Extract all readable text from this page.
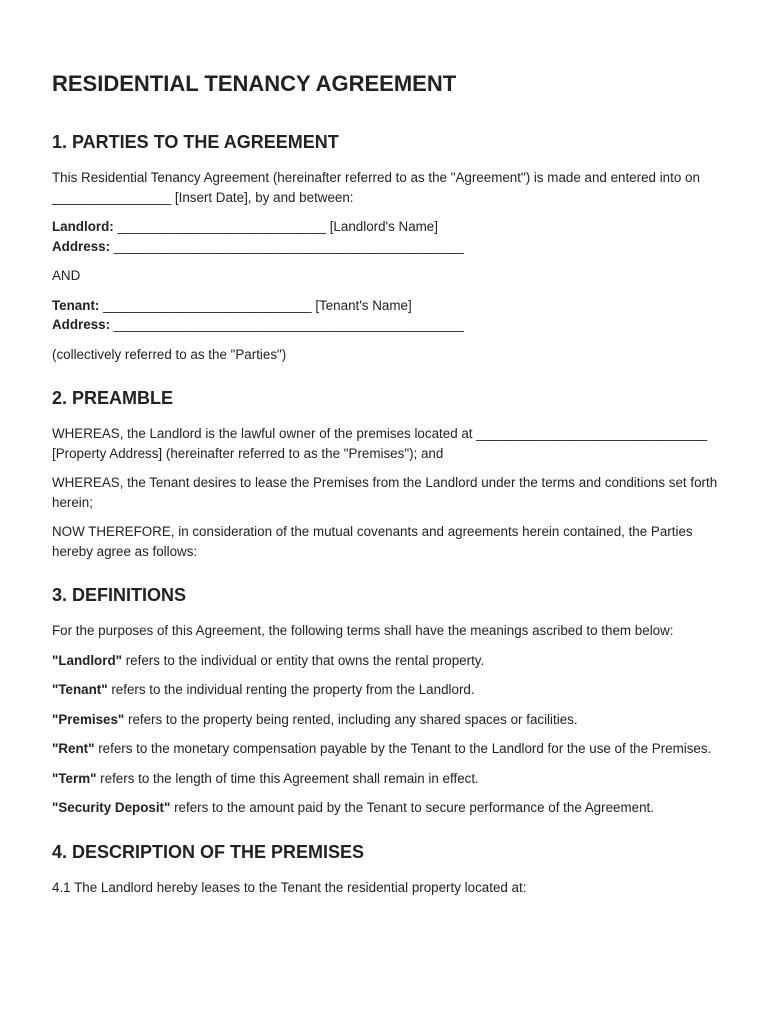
RESIDENTIAL TENANCY AGREEMENT
1. PARTIES TO THE AGREEMENT

This Residential Tenancy Agreement (hereinafter referred to as the "Agreement") is made and entered into on ________________ [Insert Date], by and between:

Landlord: ____________________________ [Landlord's Name]

Address: _______________________________________________

AND

Tenant: ____________________________ [Tenant's Name]

Address: _______________________________________________

(collectively referred to as the "Parties")

2. PREAMBLE

WHEREAS, the Landlord is the lawful owner of the premises located at _______________________________ [Property Address] (hereinafter referred to as the "Premises"); and

WHEREAS, the Tenant desires to lease the Premises from the Landlord under the terms and conditions set forth herein;

NOW THEREFORE, in consideration of the mutual covenants and agreements herein contained, the Parties hereby agree as follows:

3. DEFINITIONS

For the purposes of this Agreement, the following terms shall have the meanings ascribed to them below:

"Landlord" refers to the individual or entity that owns the rental property.

"Tenant" refers to the individual renting the property from the Landlord.

"Premises" refers to the property being rented, including any shared spaces or facilities.

"Rent" refers to the monetary compensation payable by the Tenant to the Landlord for the use of the Premises.

"Term" refers to the length of time this Agreement shall remain in effect.

"Security Deposit" refers to the amount paid by the Tenant to secure performance of the Agreement.

4. DESCRIPTION OF THE PREMISES

4.1 The Landlord hereby leases to the Tenant the residential property located at:
